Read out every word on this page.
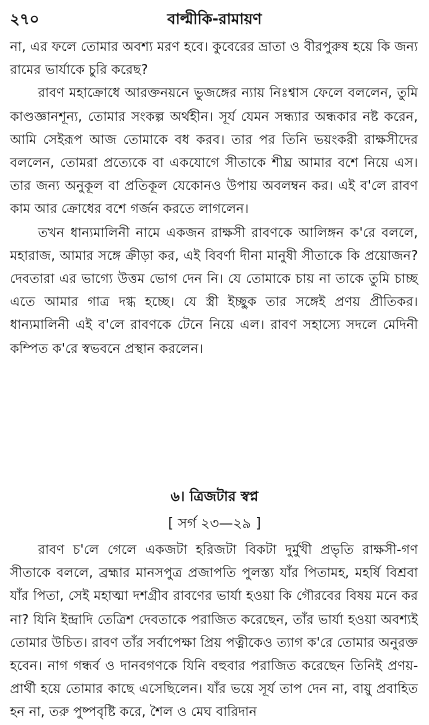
২৭০	বাল্মীকি-রামায়ণ

না, এর ফলে তোমার অবশ্য মরণ হবে। কুবেরের ভ্রাতা ও বীরপুরুষ হয়ে কি জন্য রামের ভার্যাকে চুরি করেছ?

রাবণ মহাক্রোধে আরক্তনয়নে ভুজঙ্গের ন্যায় নিঃশ্বাস ফেলে বললেন, তুমি কাণ্ডজ্ঞানশূন্য, তোমার সংকল্প অর্থহীন। সূর্য যেমন সন্ধ্যার অন্ধকার নষ্ট করেন, আমি সেইরূপ আজ তোমাকে বধ করব। তার পর তিনি ভয়ংকরী রাক্ষসীদের বললেন, তোমরা প্রত্যেকে বা একযোগে সীতাকে শীঘ্র আমার বশে নিয়ে এস। তার জন্য অনুকূল বা প্রতিকূল যেকোনও উপায় অবলম্বন কর। এই ব'লে রাবণ কাম আর ক্রোধের বশে গর্জন করতে লাগলেন।

তখন ধান্যমালিনী নামে একজন রাক্ষসী রাবণকে আলিঙ্গন ক'রে বললে, মহারাজ, আমার সঙ্গে ক্রীড়া কর, এই বিবর্ণা দীনা মানুষী সীতাকে কি প্রয়োজন? দেবতারা এর ভাগ্যে উত্তম ভোগ দেন নি। যে তোমাকে চায় না তাকে তুমি চাচ্ছ এতে আমার গাত্র দগ্ধ হচ্ছে। যে স্ত্রী ইচ্ছুক তার সঙ্গেই প্রণয় প্রীতিকর। ধান্যমালিনী এই ব'লে রাবণকে টেনে নিয়ে এল। রাবণ সহাস্যে সদলে মেদিনী কম্পিত ক'রে স্বভবনে প্রস্থান করলেন।

৬। ত্রিজটার স্বপ্ন
[ সর্গ ২৩—২৯ ]

রাবণ চ'লে গেলে একজটা হরিজটা বিকটা দুর্মুখী প্রভৃতি রাক্ষসী-গণ সীতাকে বললে, ব্রহ্মার মানসপুত্র প্রজাপতি পুলস্ত্য যাঁর পিতামহ, মহর্ষি বিশ্রবা যাঁর পিতা, সেই মহাত্মা দশগ্রীব রাবণের ভার্যা হওয়া কি গৌরবের বিষয় মনে কর না? যিনি ইন্দ্রাদি তেত্রিশ দেবতাকে পরাজিত করেছেন, তাঁর ভার্যা হওয়া অবশ্যই তোমার উচিত। রাবণ তাঁর সর্বাপেক্ষা প্রিয় পত্নীকেও ত্যাগ ক'রে তোমার অনুরক্ত হবেন। নাগ গন্ধর্ব ও দানবগণকে যিনি বহুবার পরাজিত করেছেন তিনিই প্রণয়-প্রার্থী হয়ে তোমার কাছে এসেছিলেন। যাঁর ভয়ে সূর্য তাপ দেন না, বায়ু প্রবাহিত হন না, তরু পুষ্পবৃষ্টি করে, শৈল ও মেঘ বারিদান
